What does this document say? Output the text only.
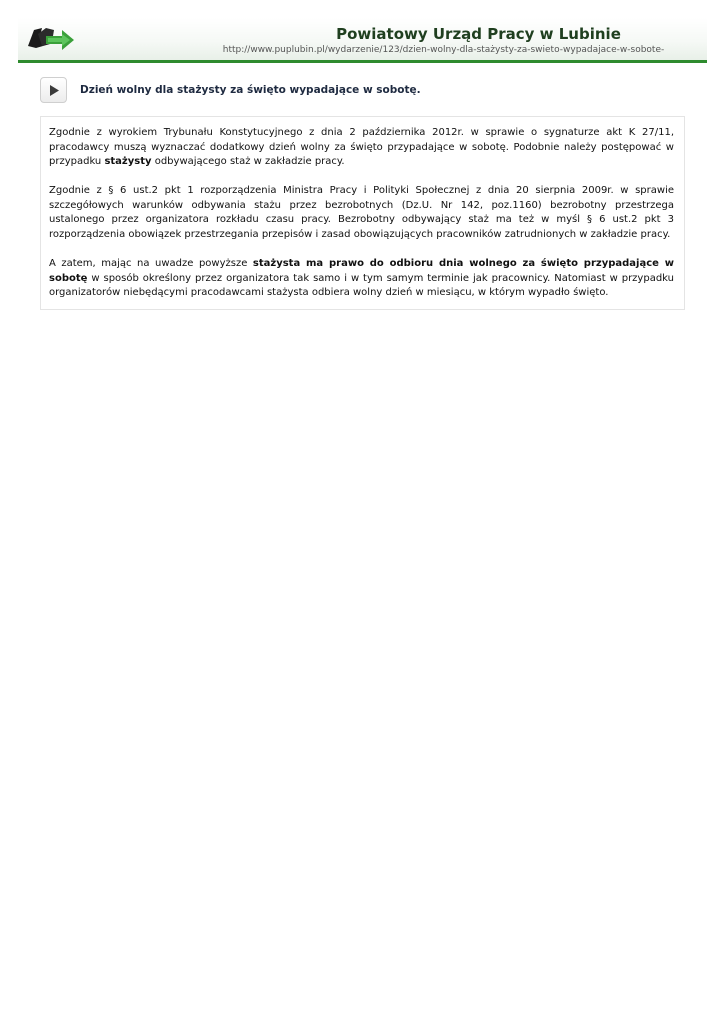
Powiatowy Urząd Pracy w Lubinie
http://www.puplubin.pl/wydarzenie/123/dzien-wolny-dla-stażysty-za-swieto-wypadajace-w-sobote-
Dzień wolny dla stażysty za święto wypadające w sobotę.

Zgodnie z wyrokiem Trybunału Konstytucyjnego z dnia 2 października 2012r. w sprawie o sygnaturze akt K 27/11, pracodawcy muszą wyznaczać dodatkowy dzień wolny za święto przypadające w sobotę. Podobnie należy postępować w przypadku stażysty odbywającego staż w zakładzie pracy.

Zgodnie z § 6 ust.2 pkt 1 rozporządzenia Ministra Pracy i Polityki Społecznej z dnia 20 sierpnia 2009r. w sprawie szczegółowych warunków odbywania stażu przez bezrobotnych (Dz.U. Nr 142, poz.1160) bezrobotny przestrzega ustalonego przez organizatora rozkładu czasu pracy. Bezrobotny odbywający staż ma też w myśl § 6 ust.2 pkt 3 rozporządzenia obowiązek przestrzegania przepisów i zasad obowiązujących pracowników zatrudnionych w zakładzie pracy.

A zatem, mając na uwadze powyższe stażysta ma prawo do odbioru dnia wolnego za święto przypadające w sobotę w sposób określony przez organizatora tak samo i w tym samym terminie jak pracownicy. Natomiast w przypadku organizatorów niebędącymi pracodawcami stażysta odbiera wolny dzień w miesiącu, w którym wypadło święto.
